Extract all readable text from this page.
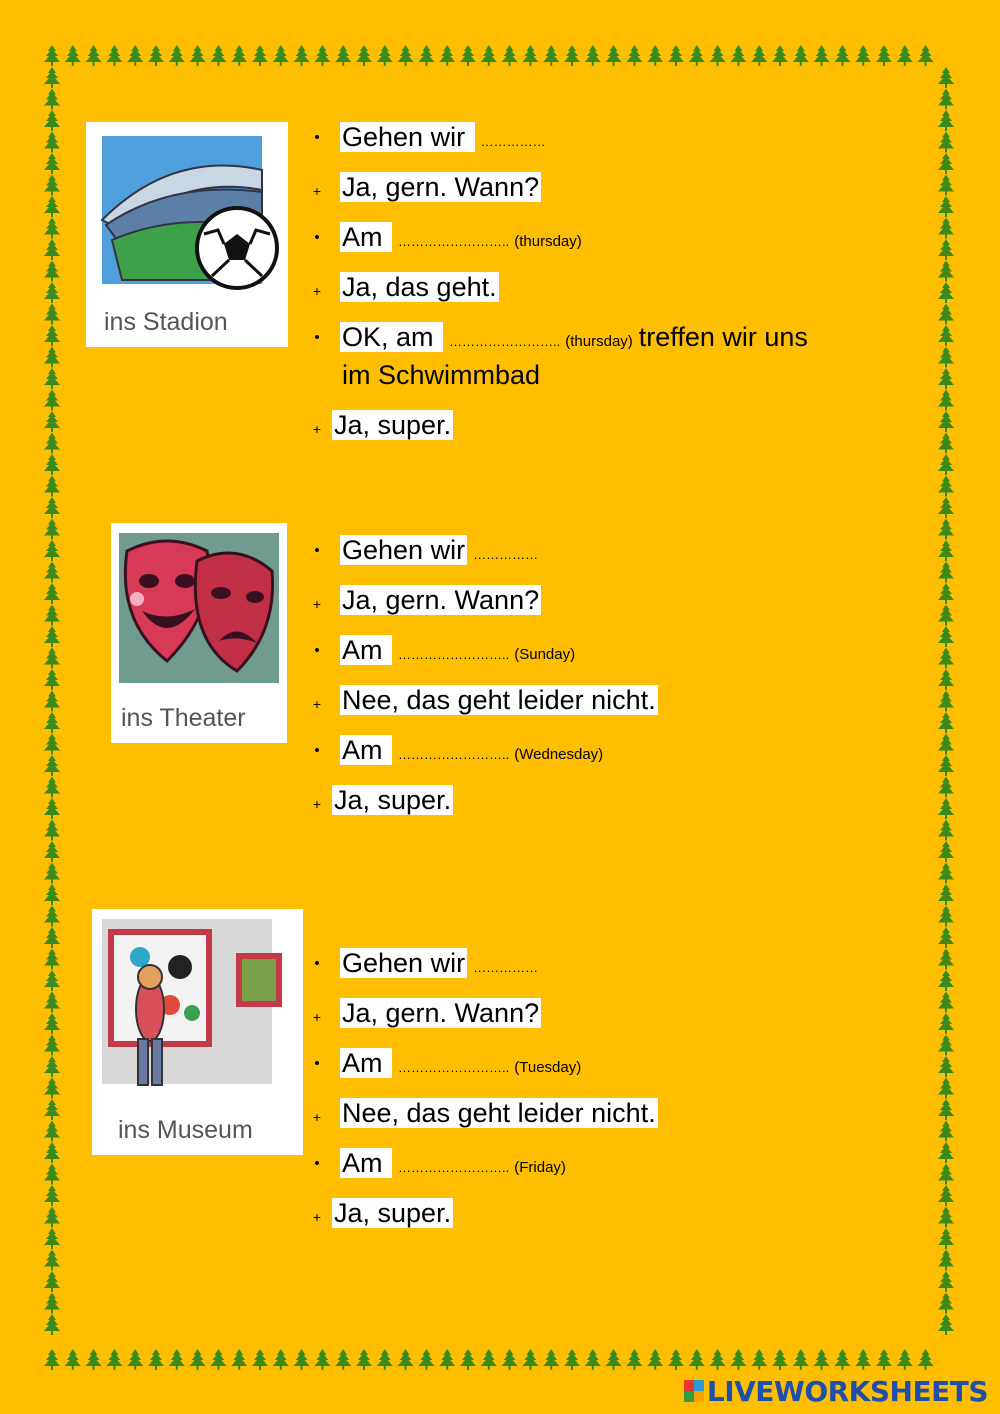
ins Stadion
ins Theater
ins Museum
• Gehen wir ……………
+ Ja, gern. Wann?
• Am …………………….. (thursday)
+ Ja, das geht.
• OK, am …………………….. (thursday) treffen wir uns
im Schwimmbad
+ Ja, super.
• Gehen wir ……………
+ Ja, gern. Wann?
• Am …………………….. (Sunday)
+ Nee, das geht leider nicht.
• Am …………………….. (Wednesday)
+ Ja, super.
• Gehen wir ……………
+ Ja, gern. Wann?
• Am …………………….. (Tuesday)
+ Nee, das geht leider nicht.
• Am …………………….. (Friday)
+ Ja, super.
LIVEWORKSHEETS
